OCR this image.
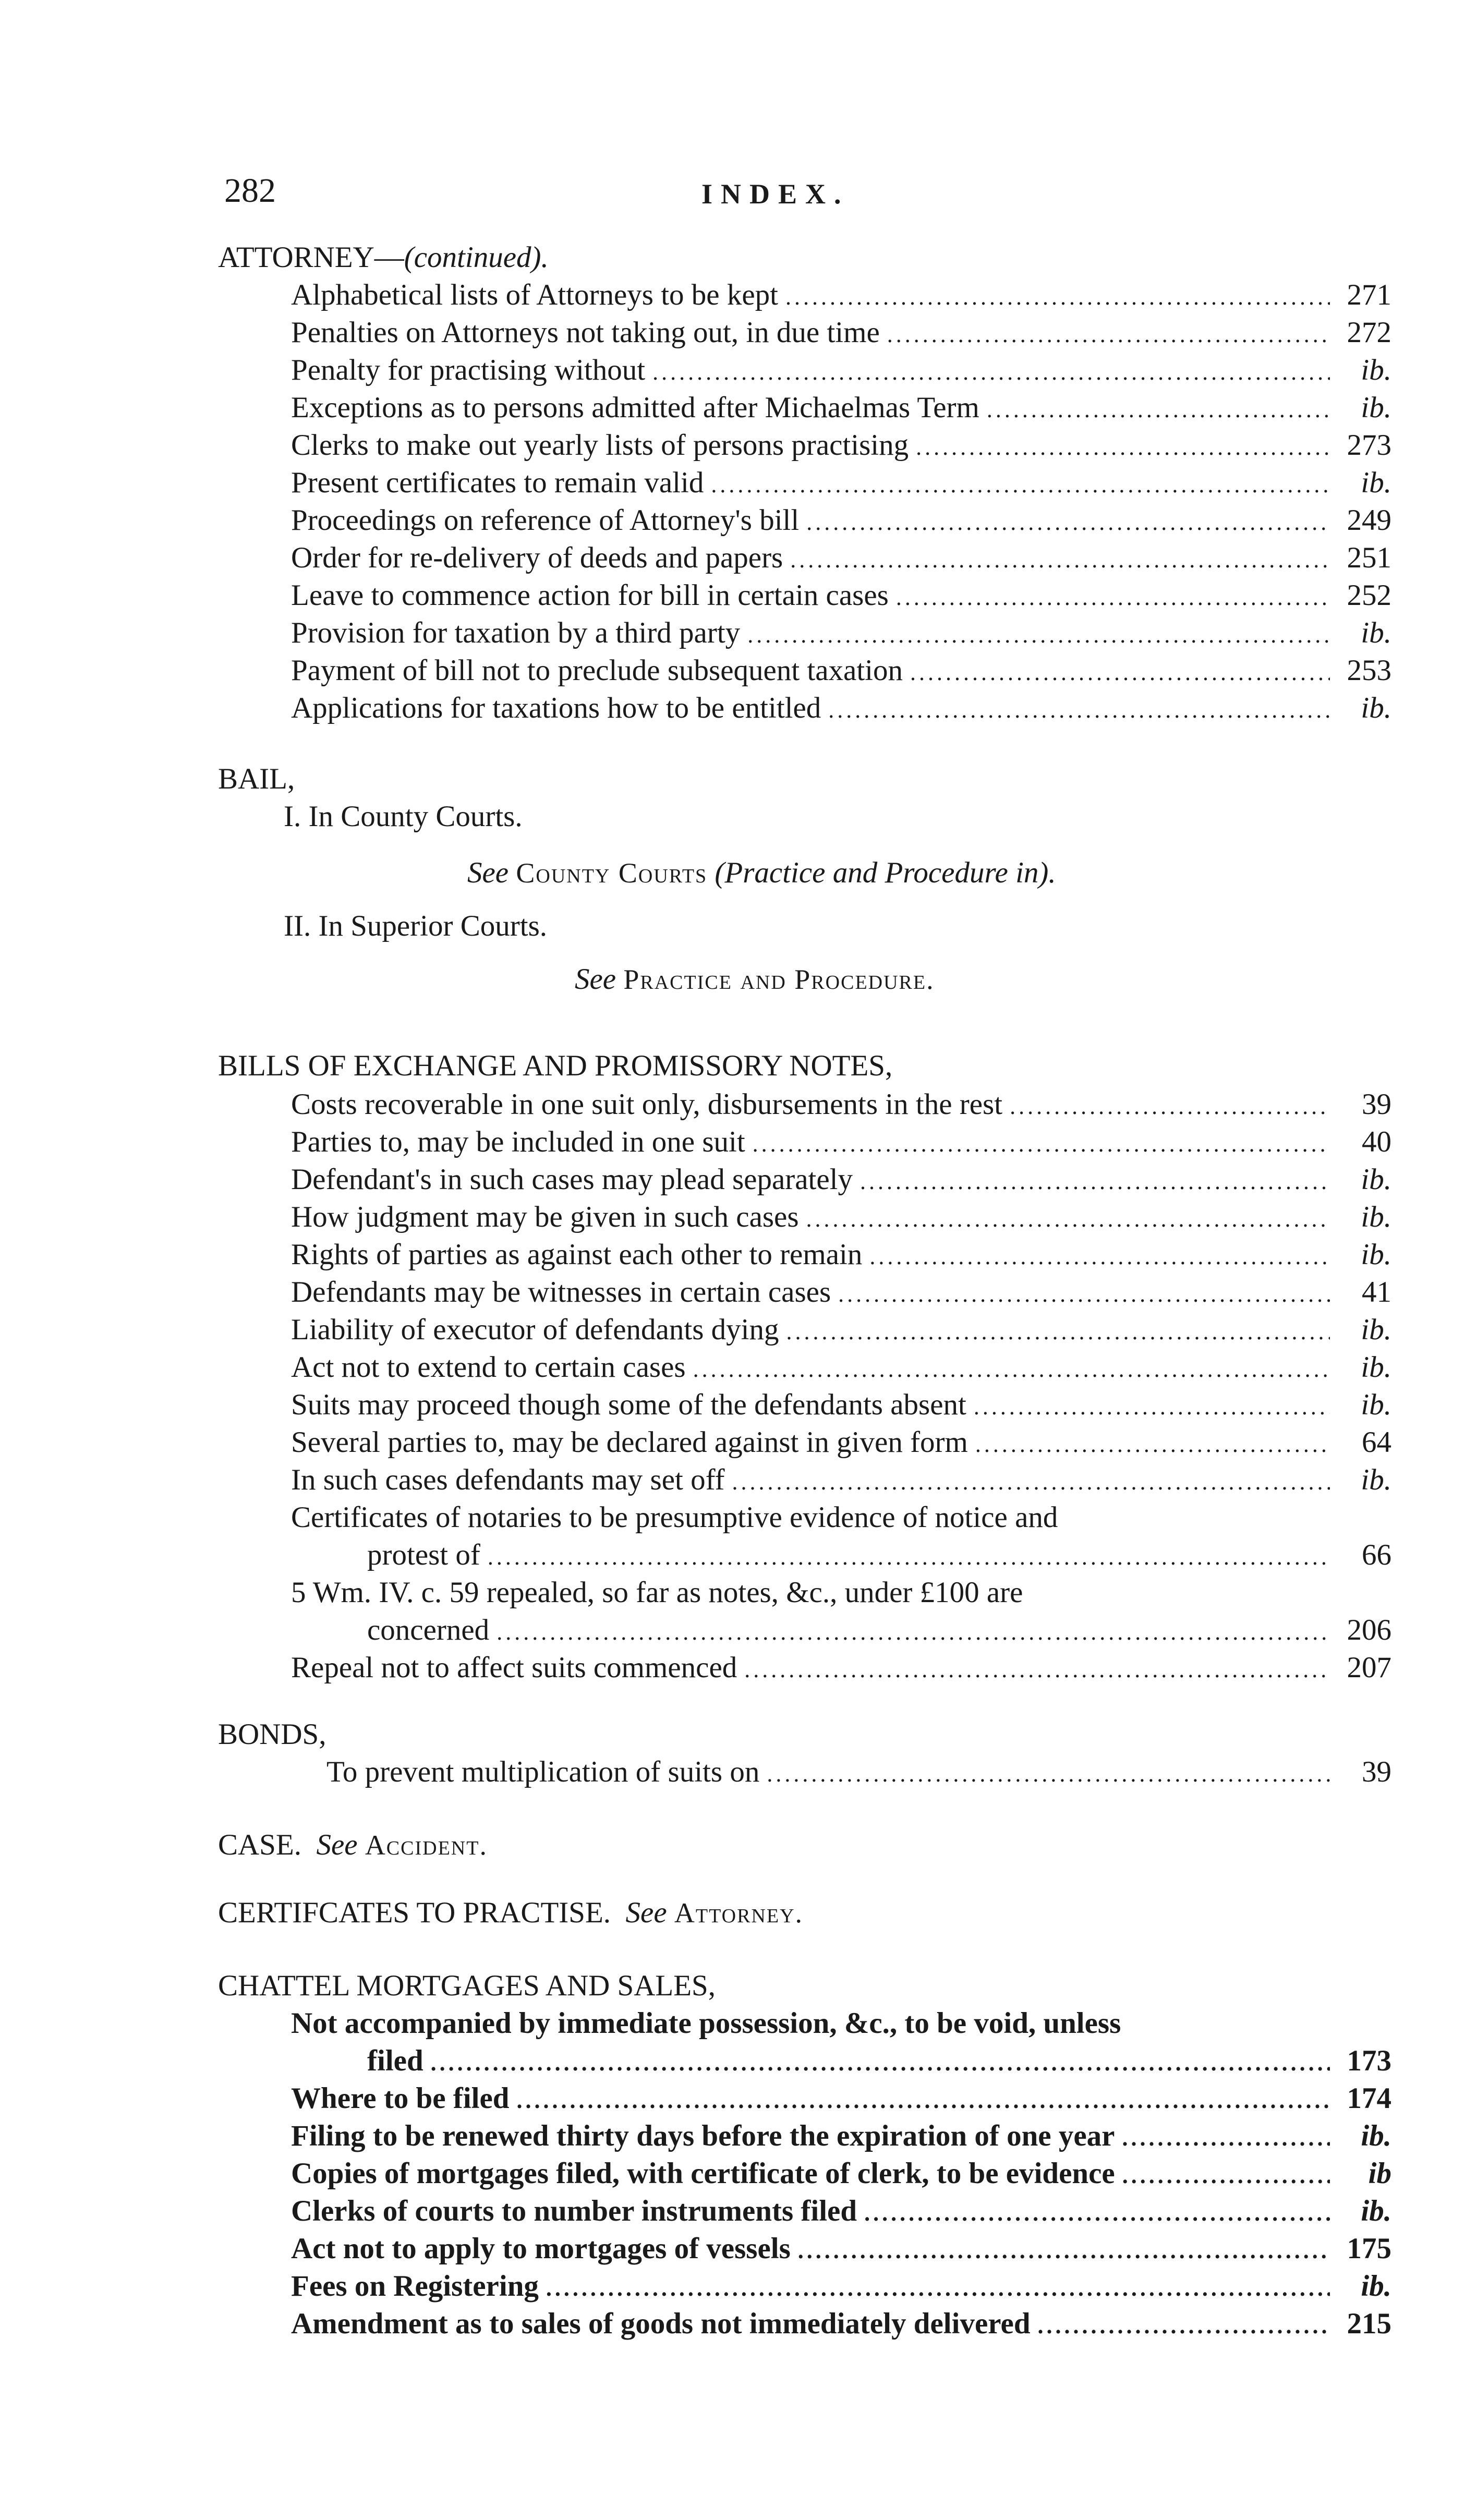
282	INDEX.
ATTORNEY—(continued).
Alphabetical lists of Attorneys to be kept .....	271
Penalties on Attorneys not taking out, in due time .....	272
Penalty for practising without .....	ib.
Exceptions as to persons admitted after Michaelmas Term .....	ib.
Clerks to make out yearly lists of persons practising .....	273
Present certificates to remain valid .....	ib.
Proceedings on reference of Attorney's bill .....	249
Order for re-delivery of deeds and papers .....	251
Leave to commence action for bill in certain cases .....	252
Provision for taxation by a third party .....	ib.
Payment of bill not to preclude subsequent taxation .....	253
Applications for taxations how to be entitled .....	ib.
BAIL,
I. In County Courts.
See County Courts (Practice and Procedure in).
II. In Superior Courts.
See Practice and Procedure.
BILLS OF EXCHANGE AND PROMISSORY NOTES,
Costs recoverable in one suit only, disbursements in the rest .....	39
Parties to, may be included in one suit .....	40
Defendant's in such cases may plead separately .....	ib.
How judgment may be given in such cases .....	ib.
Rights of parties as against each other to remain .....	ib.
Defendants may be witnesses in certain cases .....	41
Liability of executor of defendants dying .....	ib.
Act not to extend to certain cases .....	ib.
Suits may proceed though some of the defendants absent .....	ib.
Several parties to, may be declared against in given form .....	64
In such cases defendants may set off .....	ib.
Certificates of notaries to be presumptive evidence of notice and
protest of .....	66
5 Wm. IV. c. 59 repealed, so far as notes, &c., under £100 are
concerned .....	206
Repeal not to affect suits commenced .....	207
BONDS,
To prevent multiplication of suits on .....	39
CASE. See Accident.
CERTIFCATES TO PRACTISE. See Attorney.
CHATTEL MORTGAGES AND SALES,
Not accompanied by immediate possession, &c., to be void, unless
filed .....	173
Where to be filed .....	174
Filing to be renewed thirty days before the expiration of one year .....	ib.
Copies of mortgages filed, with certificate of clerk, to be evidence .....	ib
Clerks of courts to number instruments filed .....	ib.
Act not to apply to mortgages of vessels .....	175
Fees on Registering .....	ib.
Amendment as to sales of goods not immediately delivered .....	215
